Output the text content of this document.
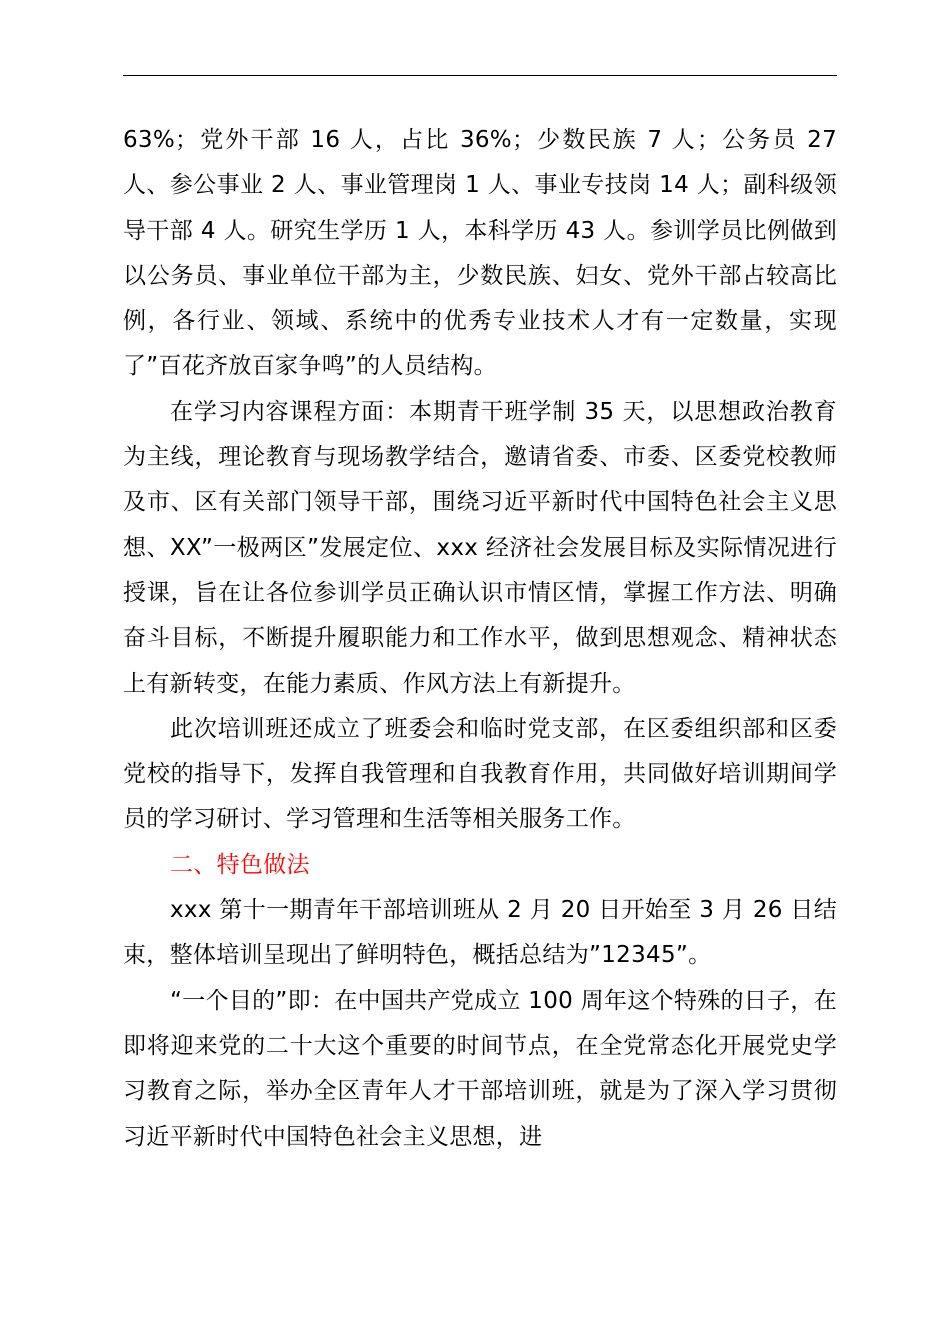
63%；党外干部 16 人，占比 36%；少数民族 7 人；公务员 27 人、参公事业 2 人、事业管理岗 1 人、事业专技岗 14 人；副科级领导干部 4 人。研究生学历 1 人，本科学历 43 人。参训学员比例做到以公务员、事业单位干部为主，少数民族、妇女、党外干部占较高比例，各行业、领域、系统中的优秀专业技术人才有一定数量，实现了”百花齐放百家争鸣”的人员结构。

在学习内容课程方面：本期青干班学制 35 天，以思想政治教育为主线，理论教育与现场教学结合，邀请省委、市委、区委党校教师及市、区有关部门领导干部，围绕习近平新时代中国特色社会主义思想、XX”一极两区”发展定位、xxx 经济社会发展目标及实际情况进行授课，旨在让各位参训学员正确认识市情区情，掌握工作方法、明确奋斗目标，不断提升履职能力和工作水平，做到思想观念、精神状态上有新转变，在能力素质、作风方法上有新提升。

此次培训班还成立了班委会和临时党支部，在区委组织部和区委党校的指导下，发挥自我管理和自我教育作用，共同做好培训期间学员的学习研讨、学习管理和生活等相关服务工作。

二、特色做法

xxx 第十一期青年干部培训班从 2 月 20 日开始至 3 月 26 日结束，整体培训呈现出了鲜明特色，概括总结为”12345”。

“一个目的”即：在中国共产党成立 100 周年这个特殊的日子，在即将迎来党的二十大这个重要的时间节点，在全党常态化开展党史学习教育之际，举办全区青年人才干部培训班，就是为了深入学习贯彻习近平新时代中国特色社会主义思想，进
